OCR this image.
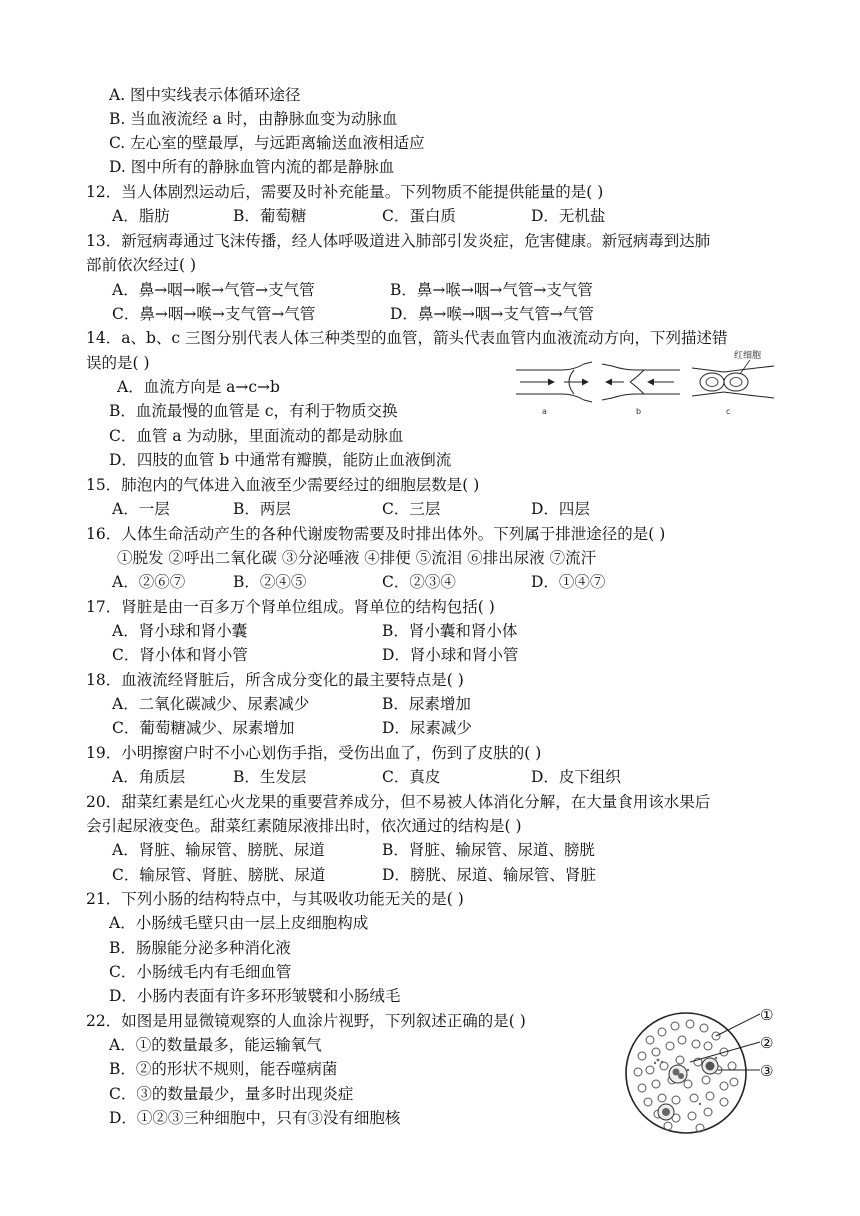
A. 图中实线表示体循环途径
B. 当血液流经 a 时，由静脉血变为动脉血
C. 左心室的壁最厚，与远距离输送血液相适应
D. 图中所有的静脉血管内流的都是静脉血
12．当人体剧烈运动后，需要及时补充能量。下列物质不能提供能量的是( )
A．脂肪	B．葡萄糖	C．蛋白质	D．无机盐
13．新冠病毒通过飞沫传播，经人体呼吸道进入肺部引发炎症，危害健康。新冠病毒到达肺
部前依次经过( )
A．鼻→咽→喉→气管→支气管	B．鼻→喉→咽→气管→支气管
C．鼻→咽→喉→支气管→气管	D．鼻→喉→咽→支气管→气管
14．a、b、c 三图分别代表人体三种类型的血管，箭头代表血管内血液流动方向，下列描述错
误的是( )
A．血流方向是 a→c→b
B．血流最慢的血管是 c，有利于物质交换
C．血管 a 为动脉，里面流动的都是动脉血
D．四肢的血管 b 中通常有瓣膜，能防止血液倒流
a	b
红细胞
c
15．肺泡内的气体进入血液至少需要经过的细胞层数是( )
A．一层	B．两层	C．三层	D．四层
16．人体生命活动产生的各种代谢废物需要及时排出体外。下列属于排泄途径的是( )
①脱发 ②呼出二氧化碳 ③分泌唾液 ④排便 ⑤流泪 ⑥排出尿液 ⑦流汗
A．②⑥⑦	B．②④⑤	C．②③④	D．①④⑦
17．肾脏是由一百多万个肾单位组成。肾单位的结构包括( )
A．肾小球和肾小囊	B．肾小囊和肾小体
C．肾小体和肾小管	D．肾小球和肾小管
18．血液流经肾脏后，所含成分变化的最主要特点是( )
A．二氧化碳减少、尿素减少	B．尿素增加
C．葡萄糖减少、尿素增加	D．尿素减少
19．小明擦窗户时不小心划伤手指，受伤出血了，伤到了皮肤的( )
A．角质层	B．生发层	C．真皮	D．皮下组织
20．甜菜红素是红心火龙果的重要营养成分，但不易被人体消化分解，在大量食用该水果后
会引起尿液变色。甜菜红素随尿液排出时，依次通过的结构是( )
A．肾脏、输尿管、膀胱、尿道	B．肾脏、输尿管、尿道、膀胱
C．输尿管、肾脏、膀胱、尿道	D．膀胱、尿道、输尿管、肾脏
21．下列小肠的结构特点中，与其吸收功能无关的是( )
A．小肠绒毛壁只由一层上皮细胞构成
B．肠腺能分泌多种消化液
C．小肠绒毛内有毛细血管
D．小肠内表面有许多环形皱襞和小肠绒毛
22．如图是用显微镜观察的人血涂片视野，下列叙述正确的是( )
A．①的数量最多，能运输氧气
B．②的形状不规则，能吞噬病菌
C．③的数量最少，量多时出现炎症
D．①②③三种细胞中，只有③没有细胞核
①
②
③
